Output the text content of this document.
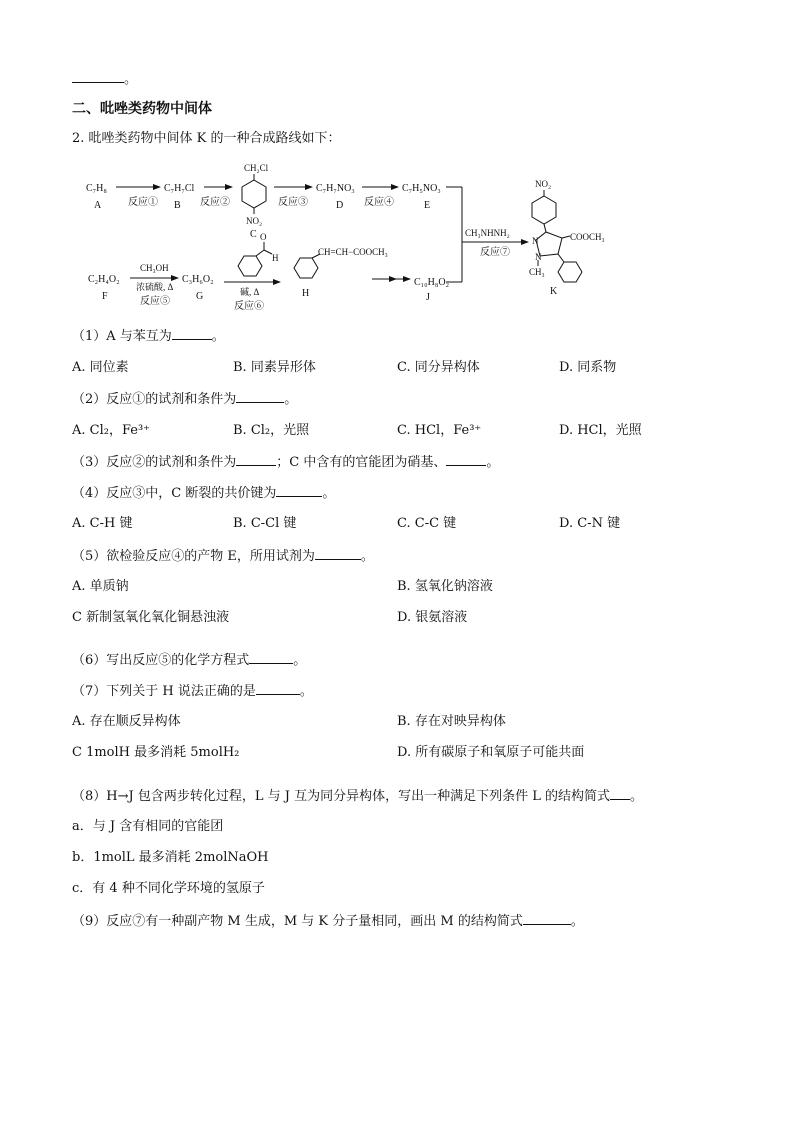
。
二、吡唑类药物中间体
2. 吡唑类药物中间体 K 的一种合成路线如下：
C₇H₈
A	反应①
C₇H₇Cl
B 反应②
CH₂Cl
NO₂
C
反应③
C₇H₇NO₃
D 反应④
C₇H₅NO₃
E
CH₃NHNH₂
反应⑦
NO₂
N
N
COOCH₃
CH₃
K
C₂H₄O₂
F
CH₃OH
浓硫酸, Δ
反应⑤
C₃H₆O₂
G
O
H
碱, Δ
反应⑥
CH=CH−COOCH₃
H
C₁₀H₈O₂
J
（1）A 与苯互为	。
A. 同位素	B. 同素异形体	C. 同分异构体	D. 同系物
（2）反应①的试剂和条件为	。
A. Cl₂，Fe³⁺	B. Cl₂，光照	C. HCl，Fe³⁺	D. HCl，光照
（3）反应②的试剂和条件为	；C 中含有的官能团为硝基、	。
（4）反应③中，C 断裂的共价键为	。
A. C-H 键	B. C-Cl 键	C. C-C 键	D. C-N 键
（5）欲检验反应④的产物 E，所用试剂为	。
A. 单质钠	B. 氢氧化钠溶液
C 新制氢氧化氧化铜悬浊液	D. 银氨溶液
（6）写出反应⑤的化学方程式	。
（7）下列关于 H 说法正确的是	。
A. 存在顺反异构体	B. 存在对映异构体
C 1molH 最多消耗 5molH₂	D. 所有碳原子和氧原子可能共面
（8）H→J 包含两步转化过程，L 与 J 互为同分异构体，写出一种满足下列条件 L 的结构简式 。
a．与 J 含有相同的官能团
b．1molL 最多消耗 2molNaOH
c．有 4 种不同化学环境的氢原子
（9）反应⑦有一种副产物 M 生成，M 与 K 分子量相同，画出 M 的结构简式	。
